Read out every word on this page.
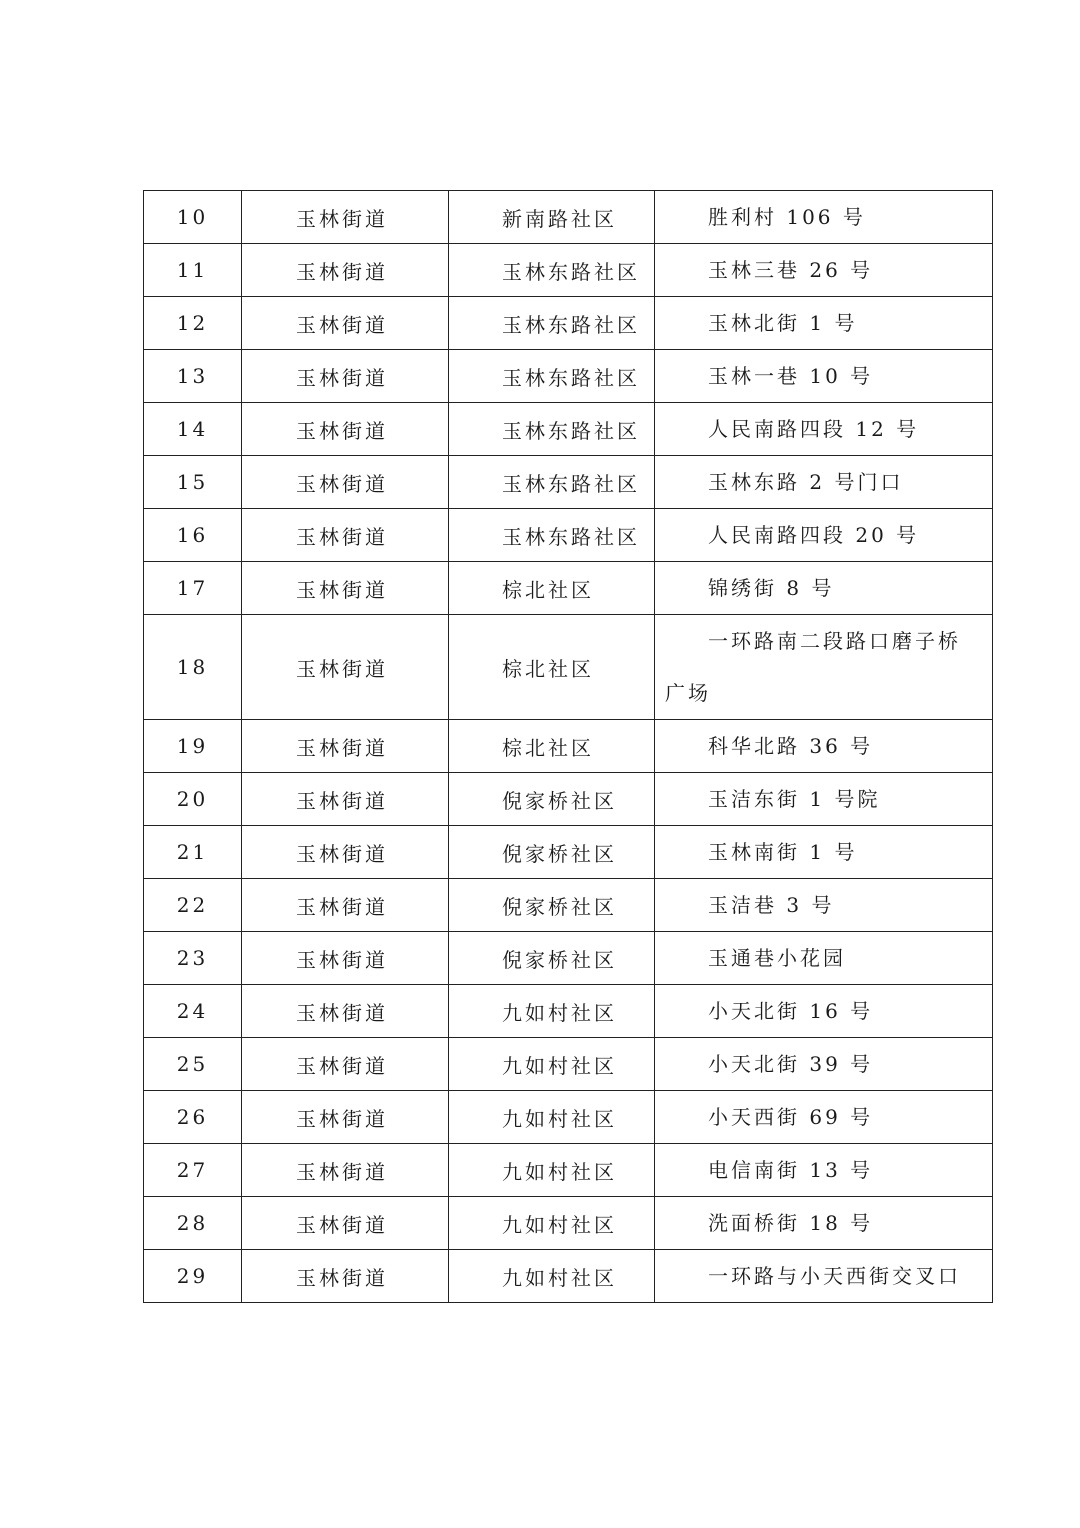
10	玉林街道	新南路社区	胜利村 106 号
11	玉林街道	玉林东路社区	玉林三巷 26 号
12	玉林街道	玉林东路社区	玉林北街 1 号
13	玉林街道	玉林东路社区	玉林一巷 10 号
14	玉林街道	玉林东路社区	人民南路四段 12 号
15	玉林街道	玉林东路社区	玉林东路 2 号门口
16	玉林街道	玉林东路社区	人民南路四段 20 号
17	玉林街道	棕北社区	锦绣街 8 号
18	玉林街道	棕北社区	一环路南二段路口磨子桥广场
19	玉林街道	棕北社区	科华北路 36 号
20	玉林街道	倪家桥社区	玉洁东街 1 号院
21	玉林街道	倪家桥社区	玉林南街 1 号
22	玉林街道	倪家桥社区	玉洁巷 3 号
23	玉林街道	倪家桥社区	玉通巷小花园
24	玉林街道	九如村社区	小天北街 16 号
25	玉林街道	九如村社区	小天北街 39 号
26	玉林街道	九如村社区	小天西街 69 号
27	玉林街道	九如村社区	电信南街 13 号
28	玉林街道	九如村社区	洗面桥街 18 号
29	玉林街道	九如村社区	一环路与小天西街交叉口
